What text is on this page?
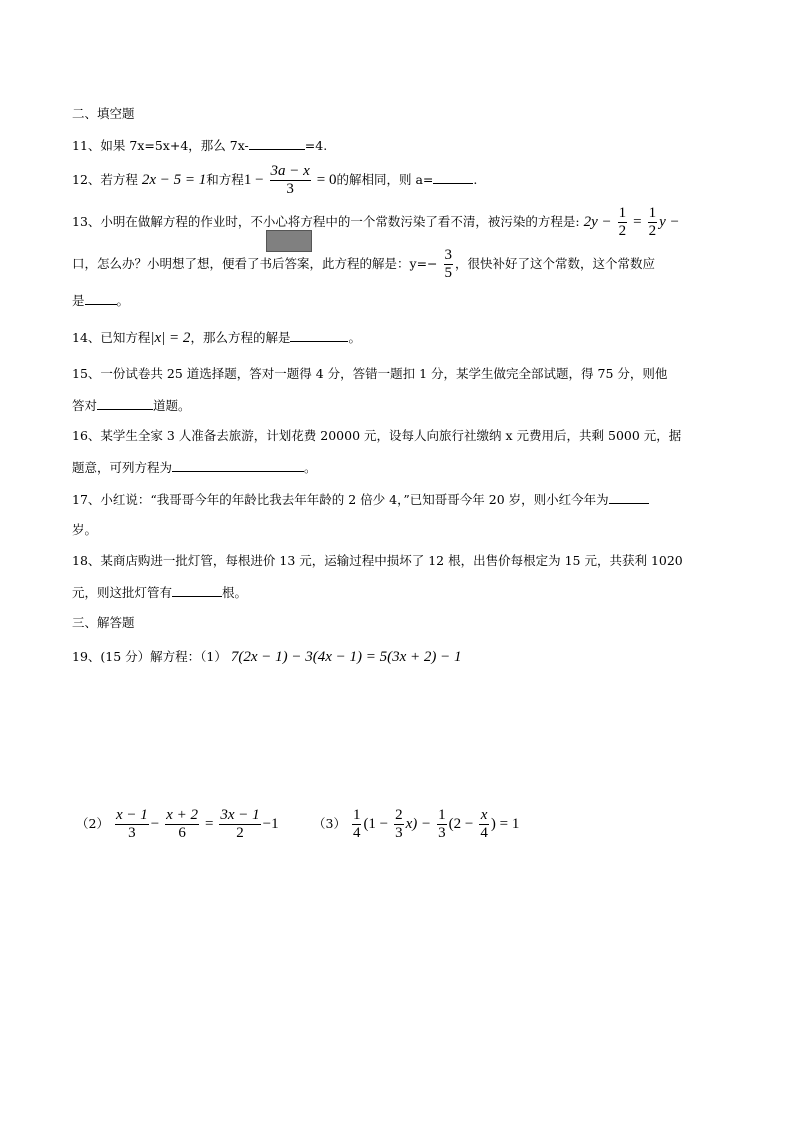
二、填空题
11、如果 7x=5x+4，那么 7x-	=4.
12、若方程 2x − 5 = 1和方程$1 - \frac{3a - x}{3} = 0$的解相同，则 a=	.
13、小明在做解方程的作业时，不小心将方程中的一个常数污染了看不清，被污染的方程是: $2y - \frac{1}{2} = \frac{1}{2}$ y −
口，怎么办？小明想了想，便看了书后答案，此方程的解是：$y=- \frac{3}{5}$ ，很快补好了这个常数，这个常数应
是	。
14、已知方程|x| = 2，那么方程的解是	。
15、一份试卷共 25 道选择题，答对一题得 4 分，答错一题扣 1 分，某学生做完全部试题，得 75 分，则他
答对	道题。
16、某学生全家 3 人准备去旅游，计划花费 20000 元，设每人向旅行社缴纳 x 元费用后，共剩 5000 元，据
题意，可列方程为	。
17、小红说：“我哥哥今年的年龄比我去年年龄的 2 倍少 4，”已知哥哥今年 20 岁，则小红今年为
岁。
18、某商店购进一批灯管，每根进价 13 元，运输过程中损坏了 12 根，出售价每根定为 15 元，共获利 1020
元，则这批灯管有	根。
三、解答题
19、(15 分）解方程：（1） 7(2x − 1) − 3(4x − 1) = 5(3x + 2) − 1
$(2) \frac{x - 1}{3} - \frac{x + 2}{6} = \frac{3x - 1}{2} -1$	$(3) \frac{1}{4} (1 - \frac{2}{3} x) - \frac{1}{3} (2 - \frac{x}{4}$ ) = 1
